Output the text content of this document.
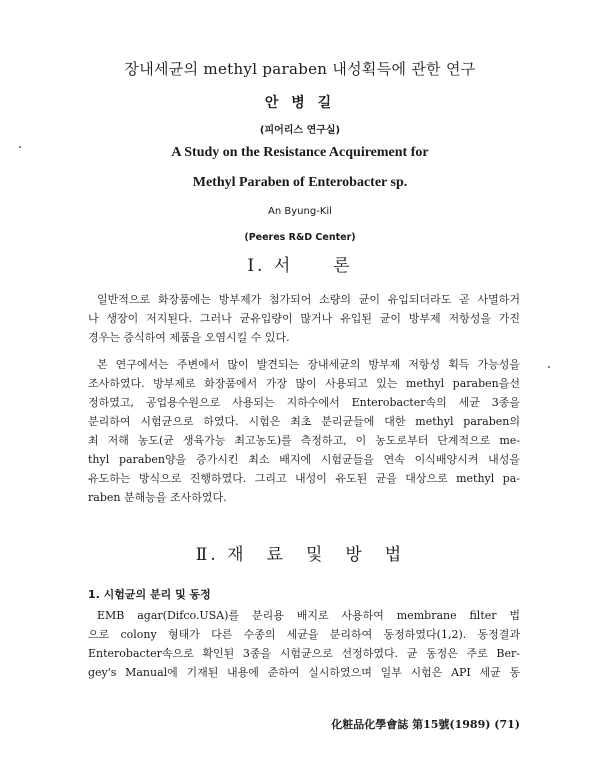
장내세균의 methyl paraben 내성획득에 관한 연구
안 병 길
(피어리스 연구실)
A Study on the Resistance Acquirement for
Methyl Paraben of Enterobacter sp.
An Byung-Kil
(Peeres R&D Center)
Ⅰ. 서　　론
일반적으로 화장품에는 방부제가 첨가되어 소량의 균이 유입되더라도 곧 사멸하거
나 생장이 저지된다. 그러나 균유입량이 많거나 유입된 균이 방부제 저항성을 가진
경우는 증식하여 제품을 오염시킬 수 있다.
본 연구에서는 주변에서 많이 발견되는 장내세균의 방부제 저항성 획득 가능성을
조사하였다. 방부제로 화장품에서 가장 많이 사용되고 있는 methyl paraben을선
정하였고, 공업용수원으로 사용되는 지하수에서 Enterobacter속의 세균 3종을
분리하여 시험균으로 하였다. 시험은 최초 분리균들에 대한 methyl paraben의
최 저해 농도(균 생육가능 최고농도)를 측정하고, 이 농도로부터 단계적으로 me-
thyl paraben양을 증가시킨 최소 배지에 시험균들을 연속 이식배양시켜 내성을
유도하는 방식으로 진행하였다. 그리고 내성이 유도된 균을 대상으로 methyl pa-
raben 분해능을 조사하였다.
Ⅱ. 재　료　및　방　법
1. 시험균의 분리 및 동정
EMB agar(Difco.USA)를 분리용 배지로 사용하여 membrane filter 법
으로 colony 형태가 다른 수종의 세균을 분리하여 동정하였다(1,2). 동정결과
Enterobacter속으로 확인된 3종을 시험균으로 선정하였다. 균 동정은 주로 Ber-
gey's Manual에 기재된 내용에 준하여 실시하였으며 일부 시험은 API 세균 동
化粧品化學會誌 第15號(1989) (71)
